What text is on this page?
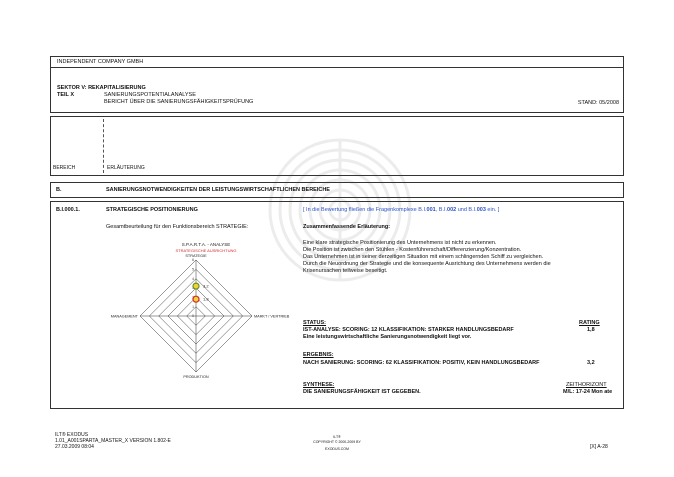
INDEPENDENT COMPANY GMBH
SEKTOR V: REKAPITALISIERUNG
TEIL X	SANIERUNGSPOTENTIALANALYSE
BERICHT ÜBER DIE SANIERUNGSFÄHIGKEITSPRÜFUNG	STAND: 05/2008
BEREICH	ERLÄUTERUNG
B.	SANIERUNGSNOTWENDIGKEITEN DER LEISTUNGSWIRTSCHAFTLICHEN BEREICHE
B.I.000.1.	STRATEGISCHE POSITIONIERUNG	[ In die Bewertung fließen die Fragenkomplexe B.I.001, B.I.002 und B.I.003 ein. ]
Gesamtbeurteilung für den Funktionsbereich STRATEGIE:	Zusammenfassende Erläuterung:
S.P.A.R.T.A. - ANALYSE
STRATEGISCHE AUSRICHTUNG
STRATEGIE
MARKT / VERTRIEB
PRODUKTION
MANAGEMENT	0
1
3
4
5
6
3,2
1,8
Eine klare strategische Positionierung des Unternehmens ist nicht zu erkennen.
Die Position ist zwischen den Stühlen - Kostenführerschaft/Differenzierung/Konzentration.
Das Unternehmen ist in seiner derzeitigen Situation mit einem schlingernden Schiff zu vergleichen.
Durch die Neuordnung der Strategie und die konsequente Ausrichtung des Unternehmens werden die
Krisenursachen teilweise beseitigt.
STATUS:	RATING
IST-ANALYSE: SCORING: 12 KLASSIFIKATION: STARKER HANDLUNGSBEDARF	1,8
Eine leistungswirtschaftliche Sanierungsnotwendigkeit liegt vor.
ERGEBNIS:
NACH SANIERUNG: SCORING: 62 KLASSIFIKATION: POSITIV, KEIN HANDLUNGSBEDARF	3,2
SYNTHESE:	ZEITHORIZONT
DIE SANIERUNGSFÄHIGKEIT IST GEGEBEN.	M/L: 17-24 Mon ate
ILT® EXODUS
1.01_A001SPARTA_MASTER_X VERSION 1.802-E
27.03.2009 08:04
ILT®
COPYRIGHT © 2000-2009 BY
EXODUS.COM	[X] A-28
